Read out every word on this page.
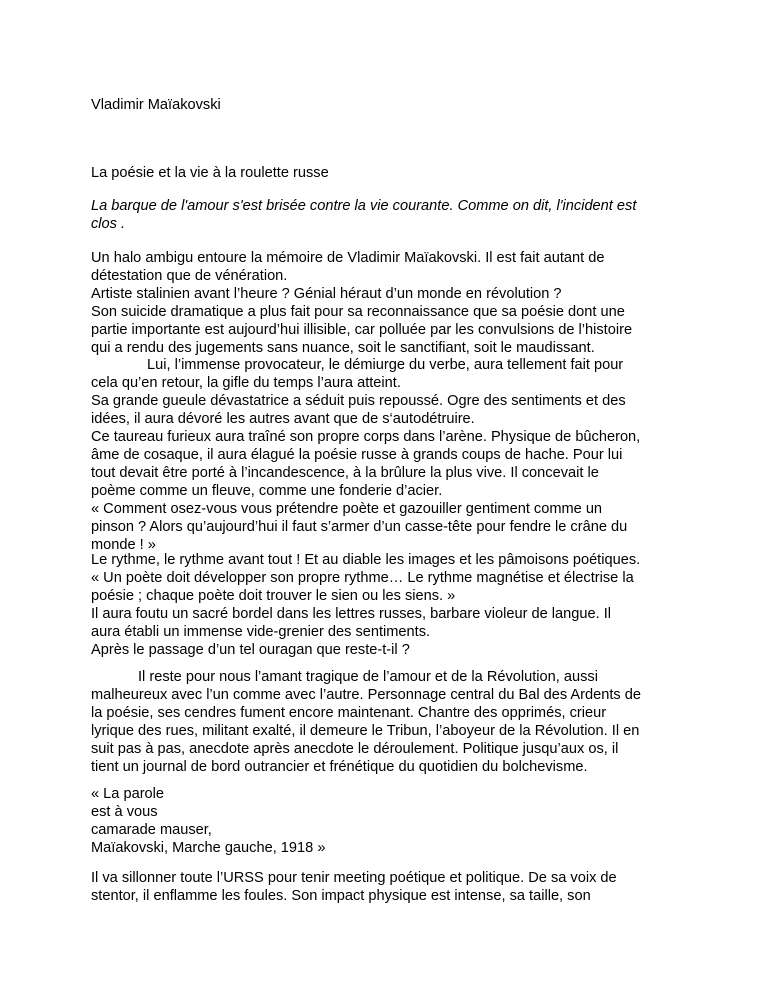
Vladimir Maïakovski

La poésie et la vie à la roulette russe

La barque de l'amour s'est brisée contre la vie courante. Comme on dit, l'incident est
clos .

Un halo ambigu entoure la mémoire de Vladimir Maïakovski. Il est fait autant de
détestation que de vénération.
Artiste stalinien avant l’heure ? Génial héraut d’un monde en révolution ?
Son suicide dramatique a plus fait pour sa reconnaissance que sa poésie dont une
partie importante est aujourd’hui illisible, car polluée par les convulsions de l’histoire
qui a rendu des jugements sans nuance, soit le sanctifiant, soit le maudissant.
Lui, l’immense provocateur, le démiurge du verbe, aura tellement fait pour
cela qu’en retour, la gifle du temps l’aura atteint.
Sa grande gueule dévastatrice a séduit puis repoussé. Ogre des sentiments et des
idées, il aura dévoré les autres avant que de s‘autodétruire.
Ce taureau furieux aura traîné son propre corps dans l’arène. Physique de bûcheron,
âme de cosaque, il aura élagué la poésie russe à grands coups de hache. Pour lui
tout devait être porté à l’incandescence, à la brûlure la plus vive. Il concevait le
poème comme un fleuve, comme une fonderie d’acier.
« Comment osez-vous vous prétendre poète et gazouiller gentiment comme un
pinson ? Alors qu’aujourd’hui il faut s’armer d’un casse-tête pour fendre le crâne du
monde ! »

Le rythme, le rythme avant tout ! Et au diable les images et les pâmoisons poétiques.
« Un poète doit développer son propre rythme… Le rythme magnétise et électrise la
poésie ; chaque poète doit trouver le sien ou les siens. »
Il aura foutu un sacré bordel dans les lettres russes, barbare violeur de langue. Il
aura établi un immense vide-grenier des sentiments.
Après le passage d’un tel ouragan que reste-t-il ?

Il reste pour nous l’amant tragique de l’amour et de la Révolution, aussi
malheureux avec l’un comme avec l’autre. Personnage central du Bal des Ardents de
la poésie, ses cendres fument encore maintenant. Chantre des opprimés, crieur
lyrique des rues, militant exalté, il demeure le Tribun, l’aboyeur de la Révolution. Il en
suit pas à pas, anecdote après anecdote le déroulement. Politique jusqu’aux os, il
tient un journal de bord outrancier et frénétique du quotidien du bolchevisme.

« La parole
est à vous
camarade mauser,
Maïakovski, Marche gauche, 1918 »

Il va sillonner toute l’URSS pour tenir meeting poétique et politique. De sa voix de
stentor, il enflamme les foules. Son impact physique est intense, sa taille, son
